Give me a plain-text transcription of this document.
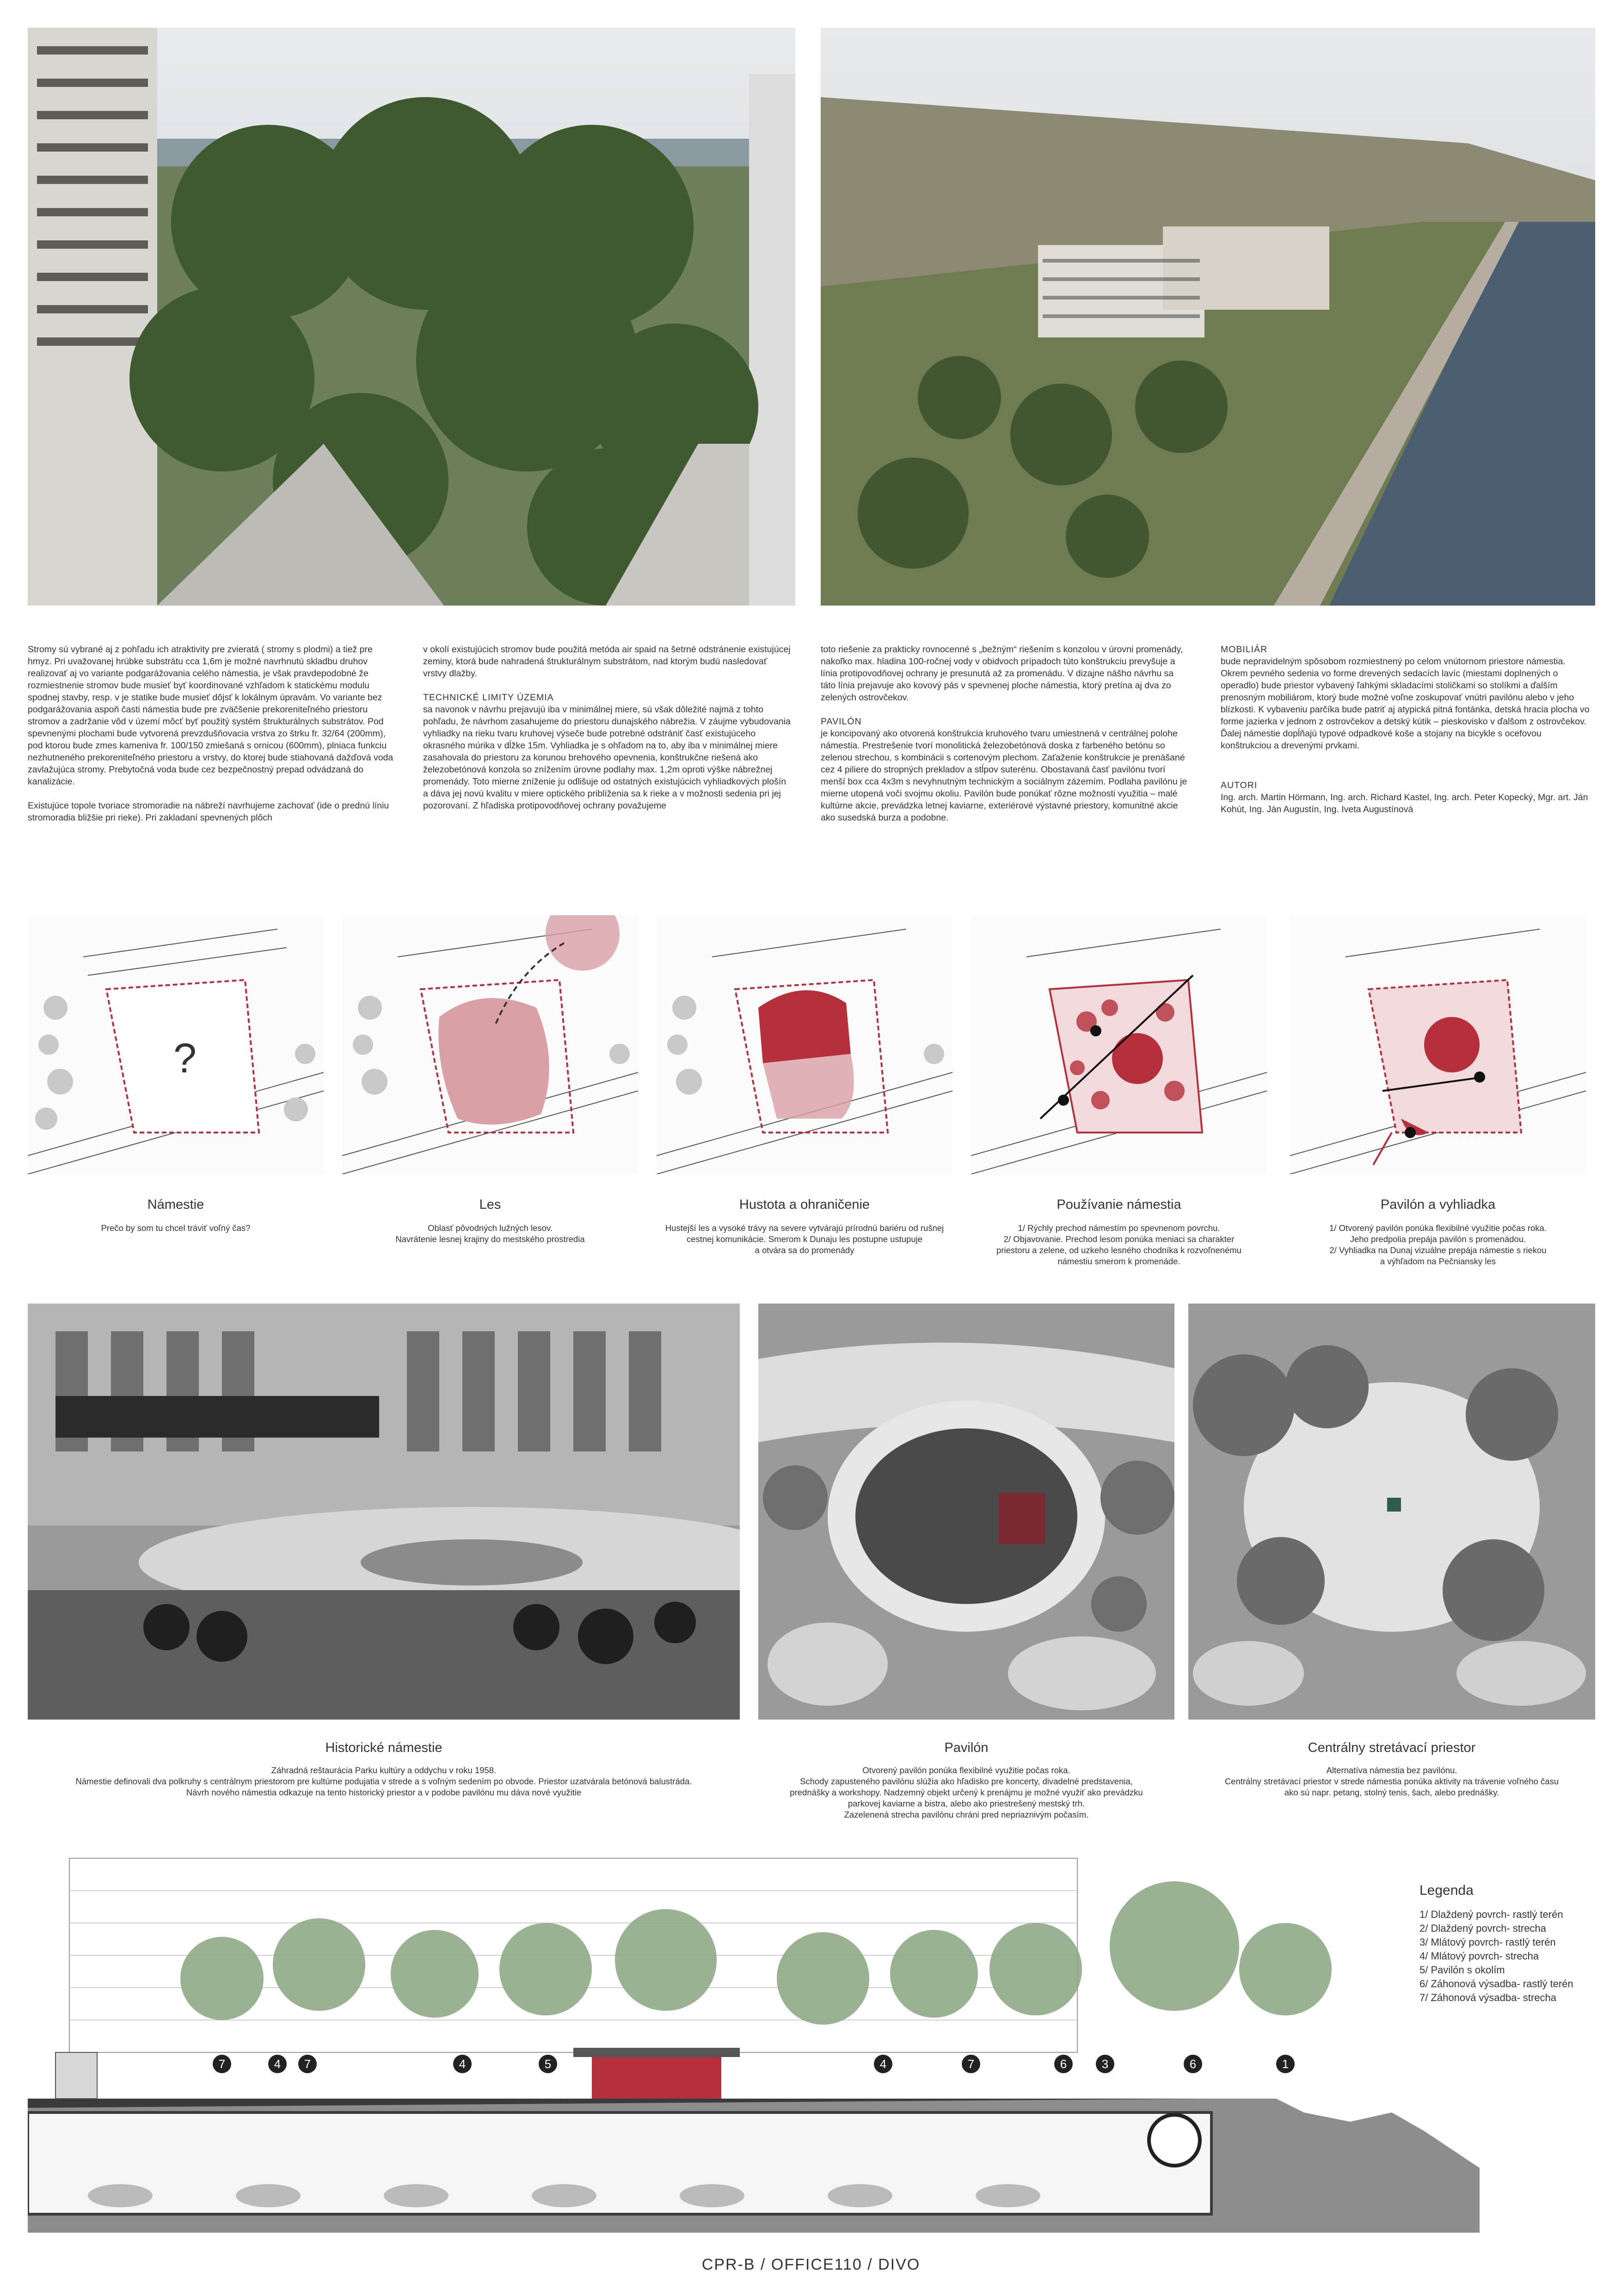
Stromy sú vybrané aj z pohľadu ich atraktivity pre zvieratá ( stromy s plodmi) a tiež pre hmyz. Pri uvažovanej hrúbke substrátu cca 1,6m je možné navrhnutú skladbu druhov realizovať aj vo variante podgarážovania celého námestia, je však pravdepodobné že rozmiestnenie stromov bude musieť byť koordinované vzhľadom k statickému modulu spodnej stavby, resp. v je statike bude musieť dôjsť k lokálnym úpravám. Vo variante bez podgarážovania aspoň časti námestia bude pre zväčšenie prekoreniteľného priestoru stromov a zadržanie vôd v území môcť byť použitý systém štrukturálnych substrátov. Pod spevnenými plochami bude vytvorená prevzdušňovacia vrstva zo štrku fr. 32/64 (200mm), pod ktorou bude zmes kameniva fr. 100/150 zmiešaná s ornicou (600mm), plniaca funkciu nezhutneného prekoreniteľného priestoru a vrstvy, do ktorej bude stiahovaná dažďová voda zavlažujúca stromy. Prebytočná voda bude cez bezpečnostný prepad odvádzaná do kanalizácie.

Existujúce topole tvoriace stromoradie na nábreží navrhujeme zachovať (ide o prednú líniu stromoradia bližšie pri rieke). Pri zakladaní spevnených plôch

v okolí existujúcich stromov bude použitá metóda air spaid na šetrné odstránenie existujúcej zeminy, ktorá bude nahradená štrukturálnym substrátom, nad ktorým budú nasledovať vrstvy dlažby.

TECHNICKÉ LIMITY ÚZEMIA

sa navonok v návrhu prejavujú iba v minimálnej miere, sú však dôležité najmä z tohto pohľadu, že návrhom zasahujeme do priestoru dunajského nábrežia. V záujme vybudovania vyhliadky na rieku tvaru kruhovej výseče bude potrebné odstrániť časť existujúceho okrasného múrika v dĺžke 15m. Vyhliadka je s ohľadom na to, aby iba v minimálnej miere zasahovala do priestoru za korunou brehového opevnenia, konštrukčne riešená ako železobetónová konzola so znížením úrovne podlahy max. 1,2m oproti výške nábrežnej promenády. Toto mierne zníženie ju odlišuje od ostatných existujúcich vyhliadkových plošín a dáva jej novú kvalitu v miere optického priblíženia sa k rieke a v možnosti sedenia pri jej pozorovaní. Z hľadiska protipovodňovej ochrany považujeme

toto riešenie za prakticky rovnocenné s „bežným“ riešením s konzolou v úrovni promenády, nakoľko max. hladina 100-ročnej vody v obidvoch prípadoch túto konštrukciu prevyšuje a línia protipovodňovej ochrany je presunutá až za promenádu. V dizajne nášho návrhu sa táto línia prejavuje ako kovový pás v spevnenej ploche námestia, ktorý pretína aj dva zo zelených ostrovčekov.

PAVILÓN

je koncipovaný ako otvorená konštrukcia kruhového tvaru umiestnená v centrálnej polohe námestia. Prestrešenie tvorí monolitická železobetónová doska z farbeného betónu so zelenou strechou, s kombinácii s cortenovým plechom. Zaťaženie konštrukcie je prenášané cez 4 piliere do stropných prekladov a stĺpov suterénu. Obostavaná časť pavilónu tvorí menší box cca 4x3m s nevyhnutným technickým a sociálnym zázemím. Podlaha pavilónu je mierne utopená voči svojmu okoliu. Pavilón bude ponúkať rôzne možnosti využitia – malé kultúrne akcie, prevádzka letnej kaviarne, exteriérové výstavné priestory, komunitné akcie ako susedská burza a podobne.

MOBILIÁR

bude nepravidelným spôsobom rozmiestnený po celom vnútornom priestore námestia. Okrem pevného sedenia vo forme drevených sedacích lavíc (miestami doplnených o operadlo) bude priestor vybavený ľahkými skladacími stoličkami so stolíkmi a ďalším prenosným mobiliárom, ktorý bude možné voľne zoskupovať vnútri pavilónu alebo v jeho blízkosti. K vybaveniu parčíka bude patriť aj atypická pitná fontánka, detská hracia plocha vo forme jazierka v jednom z ostrovčekov a detský kútik – pieskovisko v ďalšom z ostrovčekov. Ďalej námestie dopĺňajú typové odpadkové koše a stojany na bicykle s ocefovou konštrukciou a drevenými prvkami.

AUTORI

Ing. arch. Martin Hörmann, Ing. arch. Richard Kastel, Ing. arch. Peter Kopecký, Mgr. art. Ján Kohút, Ing. Ján Augustín, Ing. Iveta Augustínová

?
Námestie	Les	Hustota a ohraničenie	Používanie námestia	Pavilón a vyhliadka
Prečo by som tu chcel tráviť voľný čas?	Oblasť pôvodných lužných lesov.
Navrátenie lesnej krajiny do mestského prostredia
Hustejší les a vysoké trávy na severe vytvárajú prírodnú bariéru od rušnej cestnej komunikácie. Smerom k Dunaju les postupne ustupuje
a otvára sa do promenády
1/ Rýchly prechod námestím po spevnenom povrchu.
2/ Objavovanie. Prechod lesom ponúka meniaci sa charakter
priestoru a zelene, od uzkeho lesného chodníka k rozvoľnenému
námestiu smerom k promenáde.
1/ Otvorený pavilón ponúka flexibilné využitie počas roka.
Jeho predpolia prepája pavilón s promenádou.
2/ Vyhliadka na Dunaj vizuálne prepája námestie s riekou
a výhľadom na Pečniansky les
Historické námestie	Pavilón	Centrálny stretávací priestor
Záhradná reštaurácia Parku kultúry a oddychu v roku 1958.
Námestie definovali dva polkruhy s centrálnym priestorom pre kultúrne podujatia v strede a s voľným sedením po obvode. Priestor uzatvárala betónová balustráda.
Návrh nového námestia odkazuje na tento historický priestor a v podobe pavilónu mu dáva nové využitie
Otvorený pavilón ponúka flexibilné využitie počas roka.
Schody zapusteného pavilónu slúžia ako hľadisko pre koncerty, divadelné predstavenia,
prednášky a workshopy. Nadzemný objekt určený k prenájmu je možné využiť ako prevádzku
parkovej kaviarne a bistra, alebo ako priestrešený mestský trh.
Zazelenená strecha pavilónu chráni pred nepriaznivým počasím.
Alternatíva námestia bez pavilónu.
Centrálny stretávací priestor v strede námestia ponúka aktivity na trávenie voľného času
ako sú napr. petang, stolný tenis, šach, alebo prednášky.
7	4 7	4	5	4	7	6	3	6	1
Legenda
1/ Dlaždený povrch- rastlý terén
2/ Dlaždený povrch- strecha
3/ Mlátový povrch- rastlý terén
4/ Mlátový povrch- strecha
5/ Pavilón s okolím
6/ Záhonová výsadba- rastlý terén
7/ Záhonová výsadba- strecha
CPR-B / OFFICE110 / DIVO
